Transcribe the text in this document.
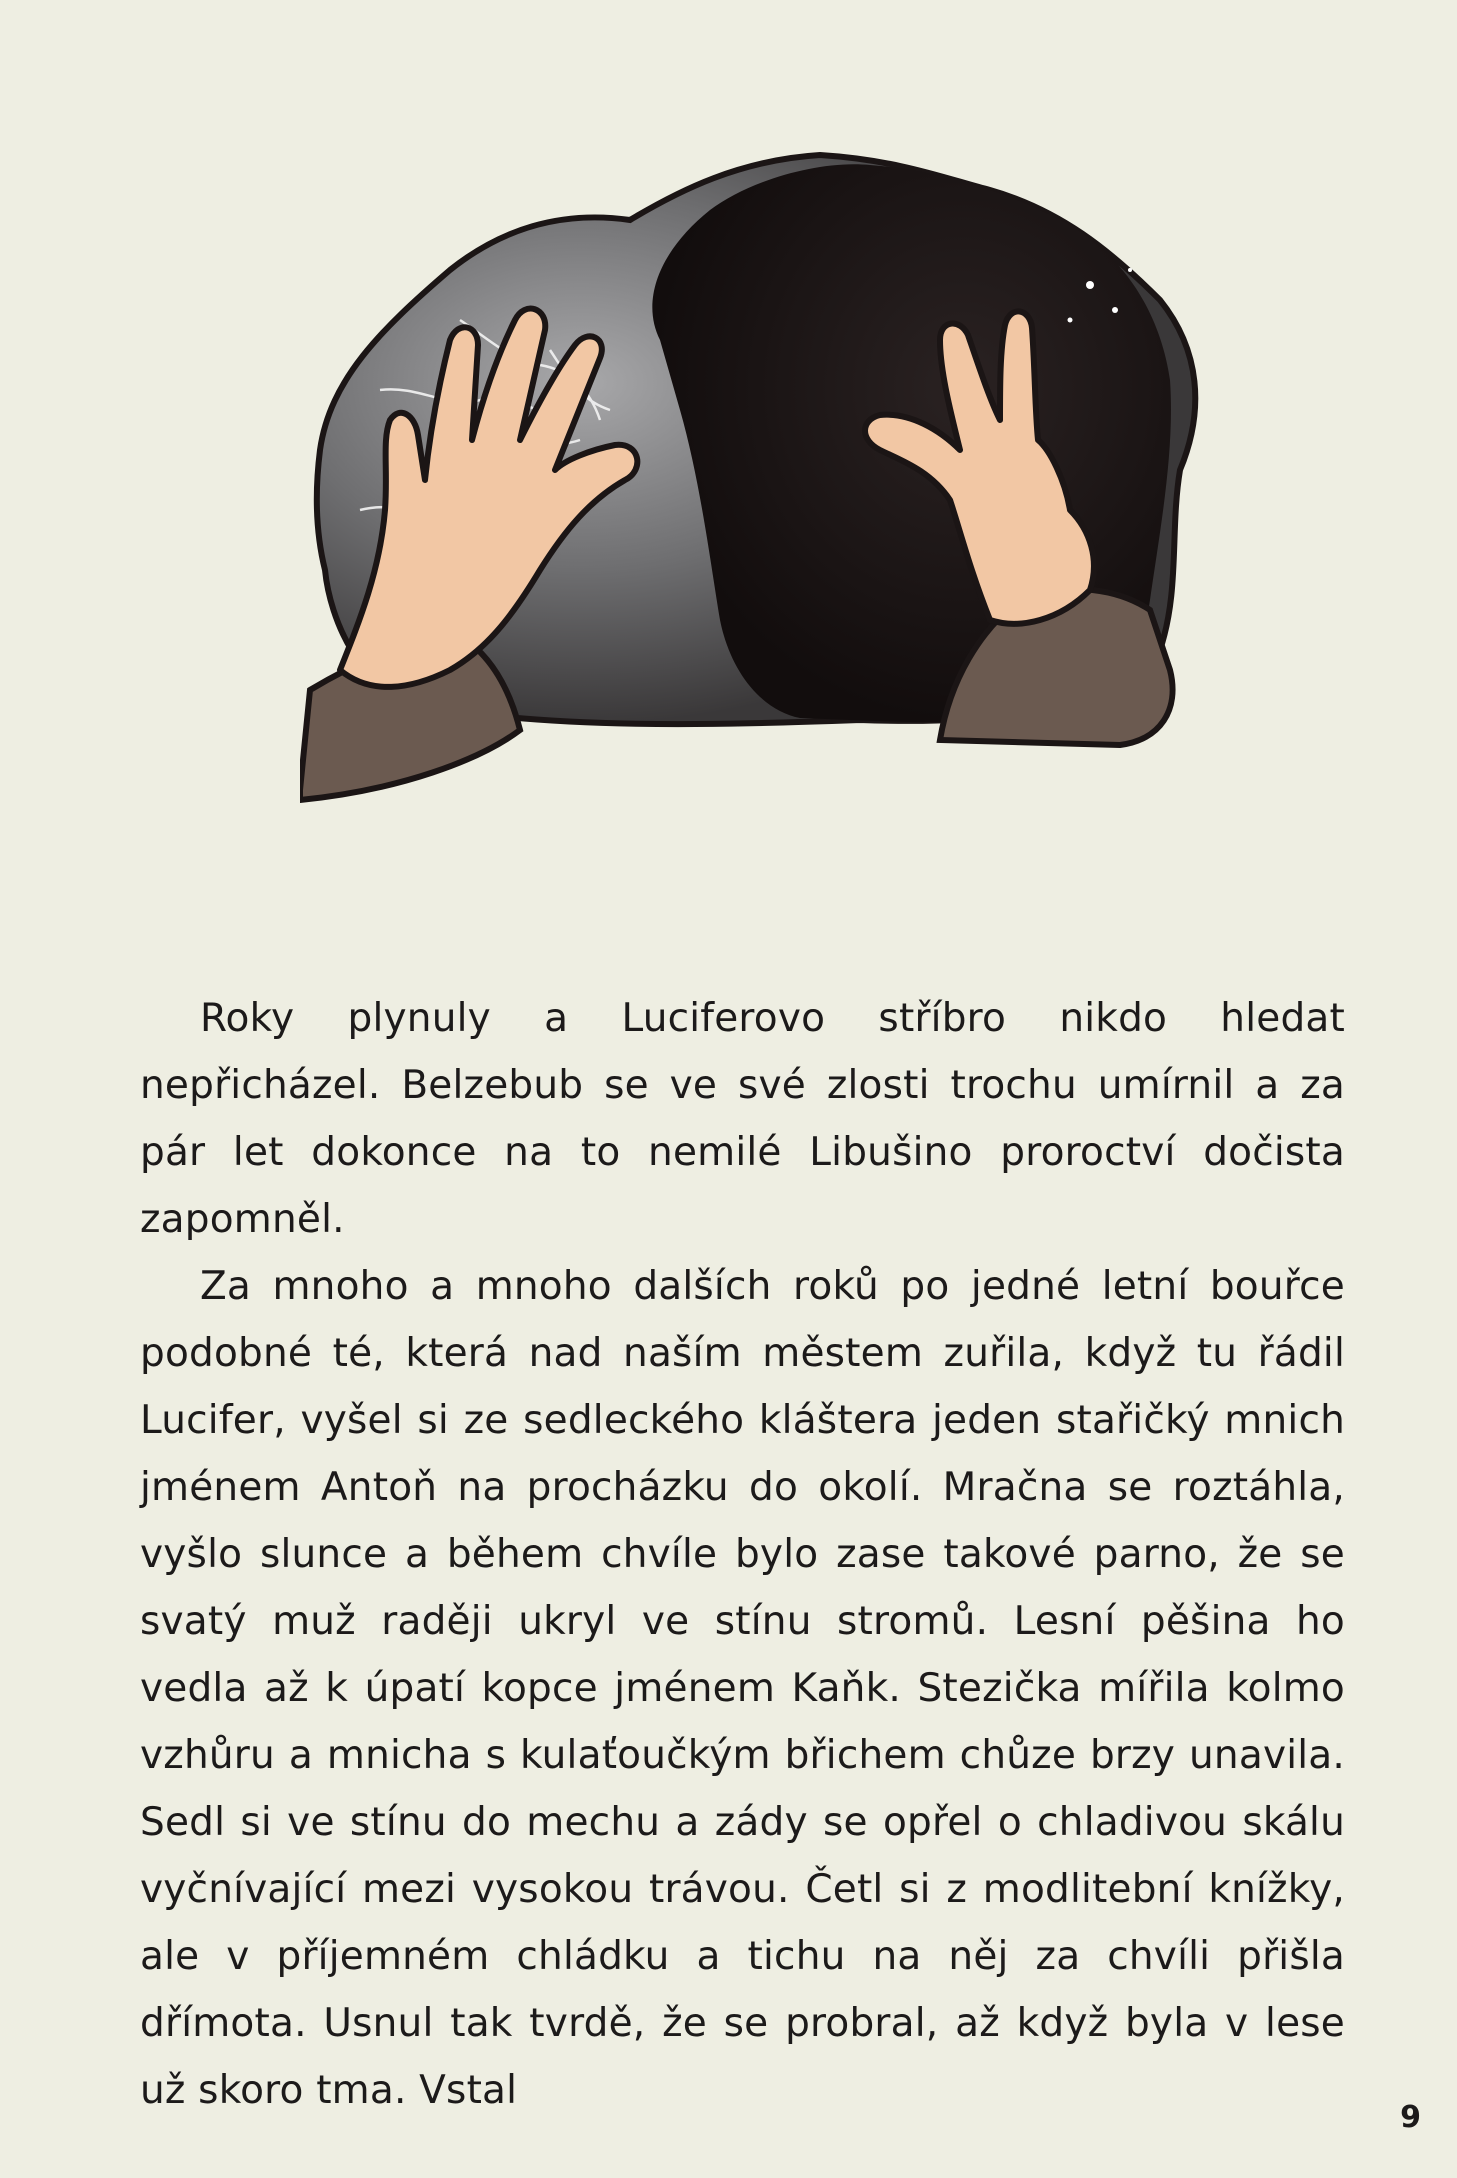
Roky plynuly a Luciferovo stříbro nikdo hledat nepřicházel. Belzebub se ve své zlosti trochu umírnil a za pár let dokonce na to nemilé Libušino proroctví dočista zapomněl.

Za mnoho a mnoho dalších roků po jedné letní bouřce podobné té, která nad naším městem zuřila, když tu řádil Lucifer, vyšel si ze sedleckého kláštera jeden stařičký mnich jménem Antoň na procházku do okolí. Mračna se roztáhla, vyšlo slunce a během chvíle bylo zase takové parno, že se svatý muž raději ukryl ve stínu stromů. Lesní pěšina ho vedla až k úpatí kopce jménem Kaňk. Stezička mířila kolmo vzhůru a mnicha s kulaťoučkým břichem chůze brzy unavila. Sedl si ve stínu do mechu a zády se opřel o chladivou skálu vyčnívající mezi vysokou trávou. Četl si z modlitební knížky, ale v příjemném chládku a tichu na něj za chvíli přišla dřímota. Usnul tak tvrdě, že se probral, až když byla v lese už skoro tma. Vstal

9
